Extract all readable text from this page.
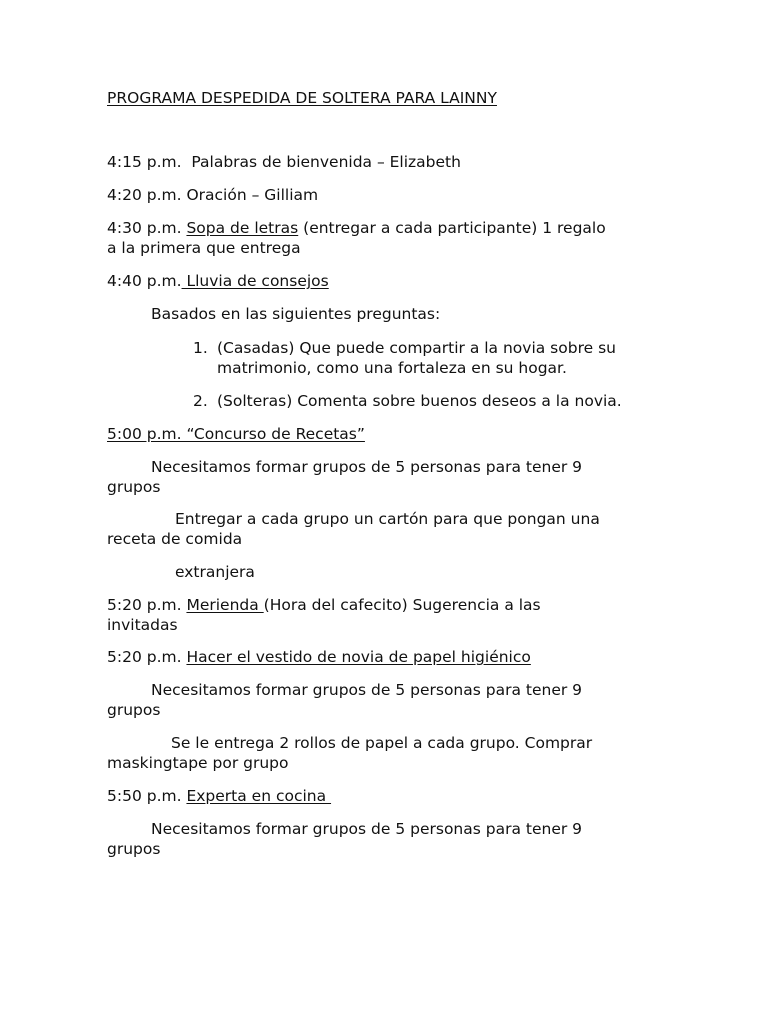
PROGRAMA DESPEDIDA DE SOLTERA PARA LAINNY
4:15 p.m.  Palabras de bienvenida – Elizabeth
4:20 p.m. Oración – Gilliam
4:30 p.m. Sopa de letras (entregar a cada participante) 1 regalo
a la primera que entrega
4:40 p.m. Lluvia de consejos
Basados en las siguientes preguntas:
1. (Casadas) Que puede compartir a la novia sobre su
matrimonio, como una fortaleza en su hogar.
2. (Solteras) Comenta sobre buenos deseos a la novia.
5:00 p.m. “Concurso de Recetas”
Necesitamos formar grupos de 5 personas para tener 9
grupos
Entregar a cada grupo un cartón para que pongan una
receta de comida
extranjera
5:20 p.m. Merienda (Hora del cafecito) Sugerencia a las
invitadas
5:20 p.m. Hacer el vestido de novia de papel higiénico
Necesitamos formar grupos de 5 personas para tener 9
grupos
Se le entrega 2 rollos de papel a cada grupo. Comprar
maskingtape por grupo
5:50 p.m. Experta en cocina
Necesitamos formar grupos de 5 personas para tener 9
grupos
